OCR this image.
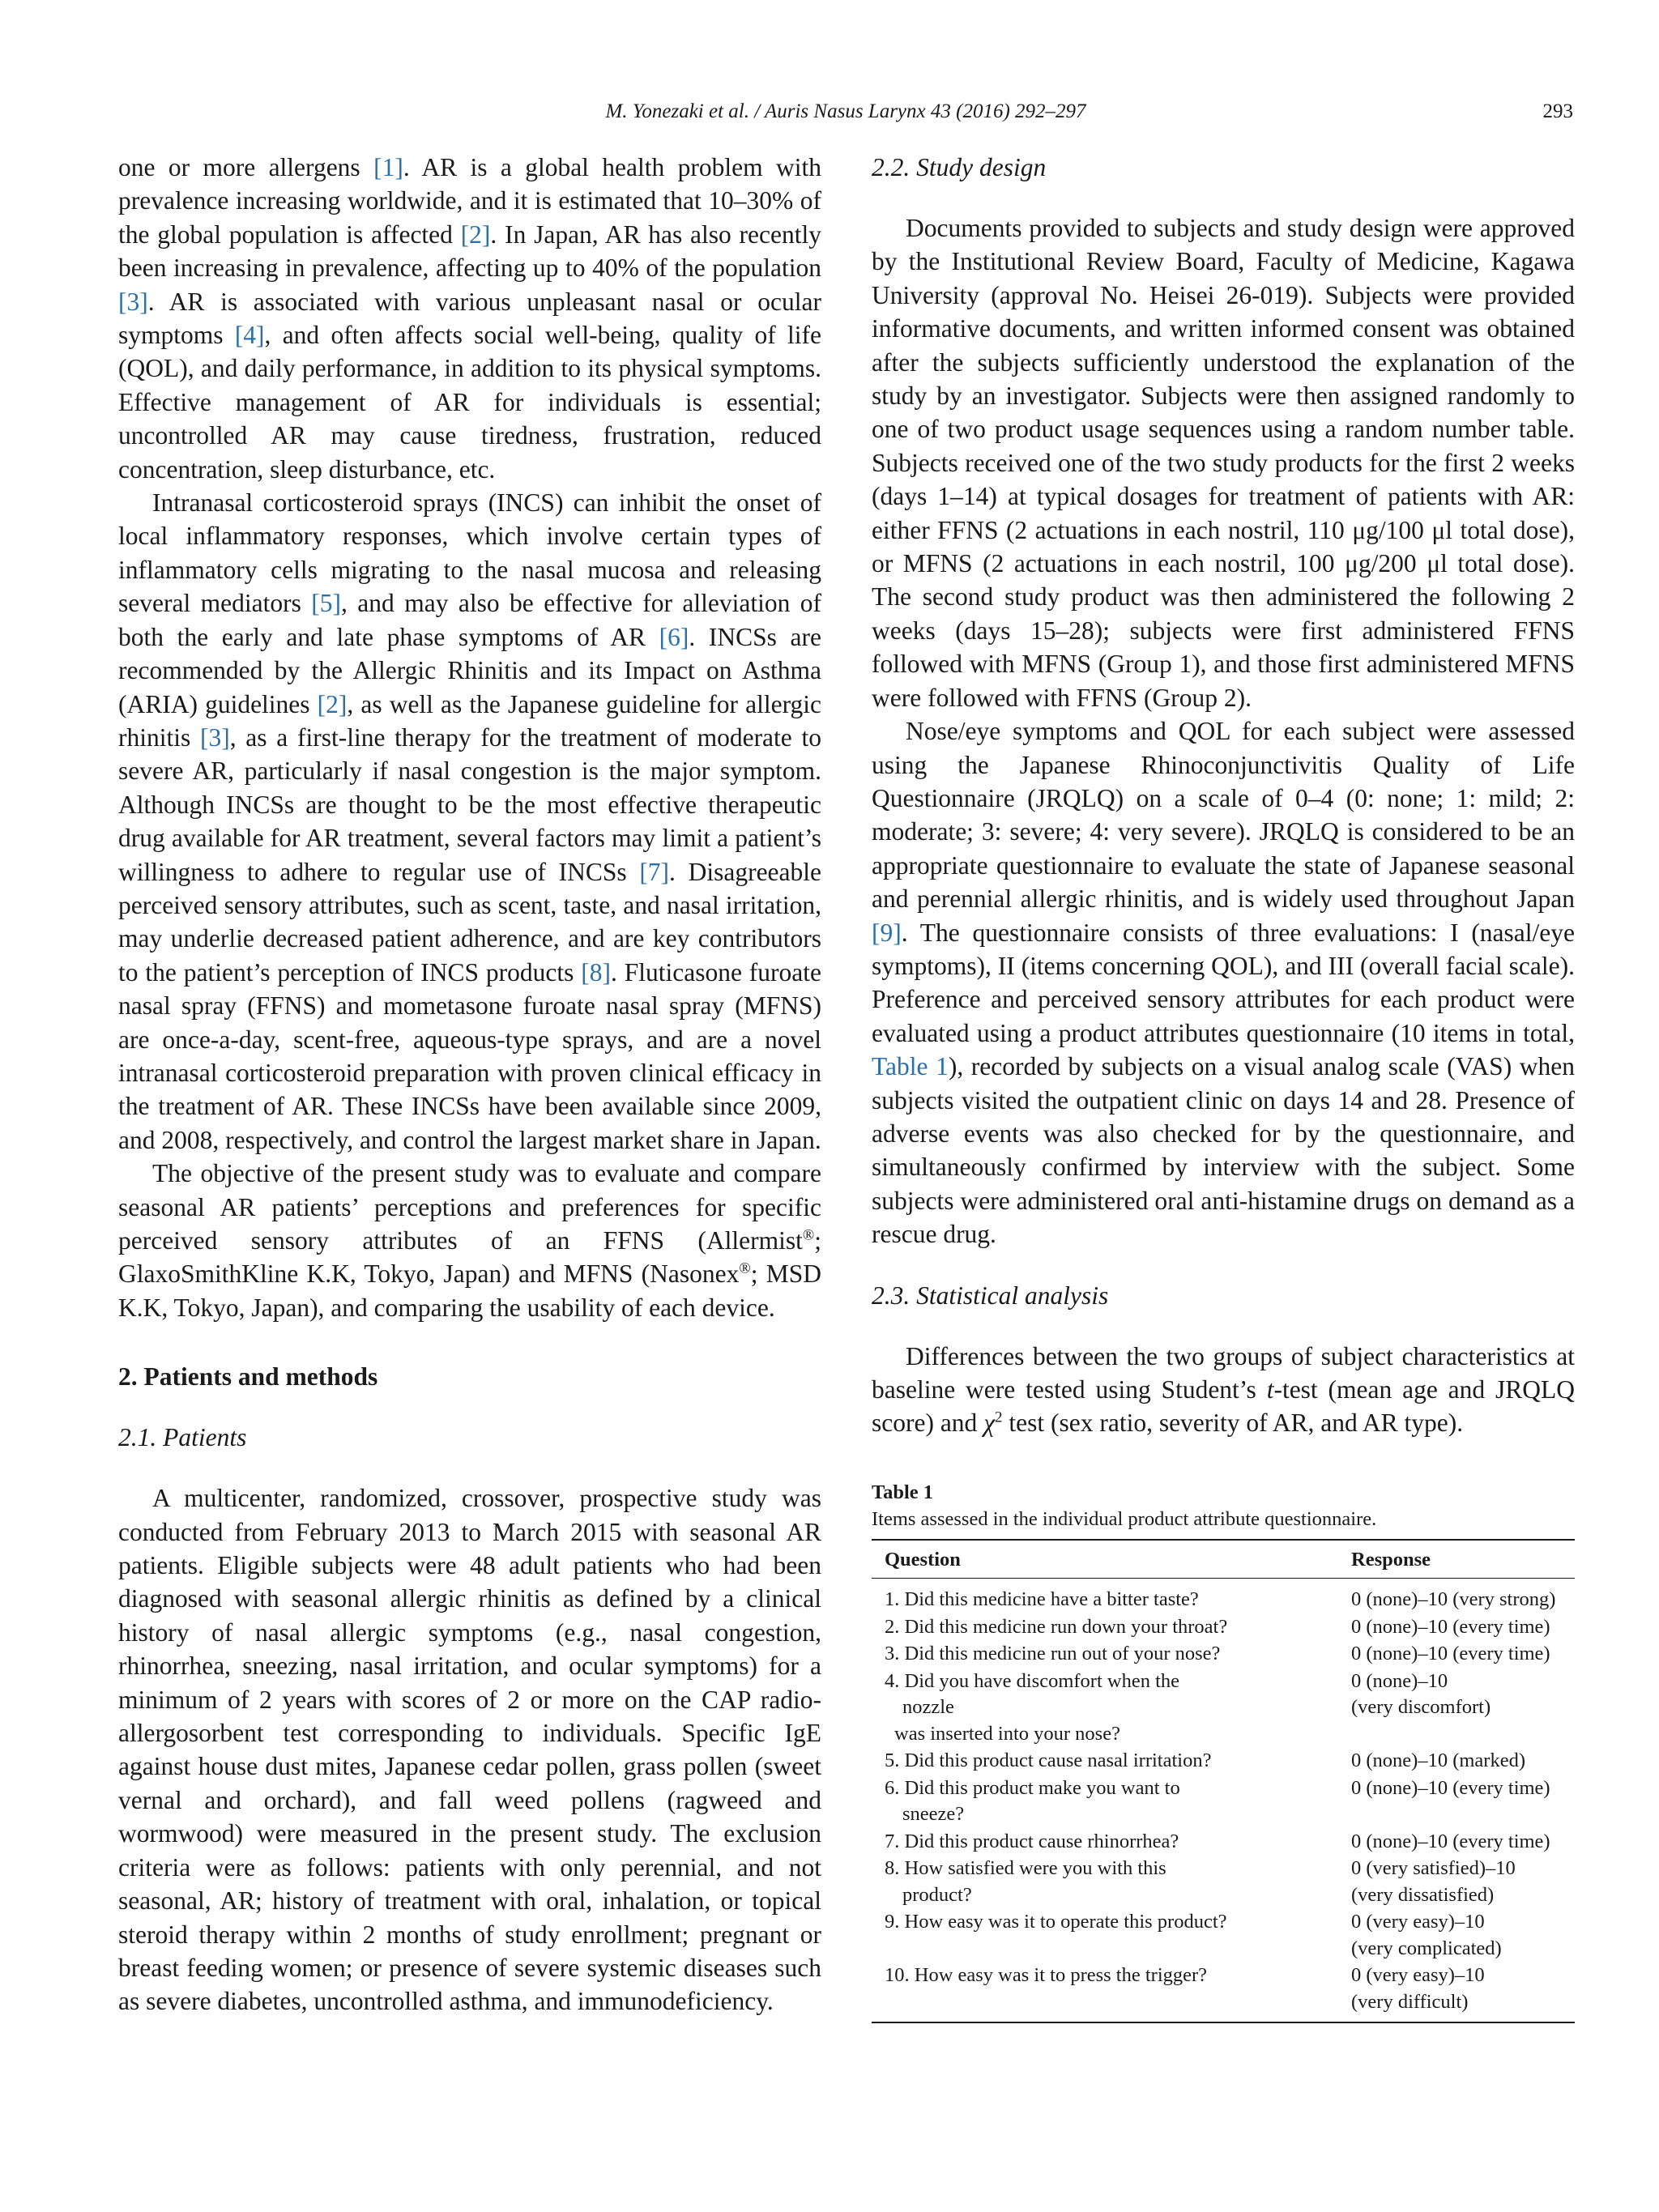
M. Yonezaki et al. / Auris Nasus Larynx 43 (2016) 292–297	293

one or more allergens [1]. AR is a global health problem with prevalence increasing worldwide, and it is estimated that 10–30% of the global population is affected [2]. In Japan, AR has also recently been increasing in prevalence, affecting up to 40% of the population [3]. AR is associated with various unpleasant nasal or ocular symptoms [4], and often affects social well-being, quality of life (QOL), and daily performance, in addition to its physical symptoms. Effective management of AR for individuals is essential; uncontrolled AR may cause tiredness, frustration, reduced concentration, sleep disturbance, etc.

Intranasal corticosteroid sprays (INCS) can inhibit the onset of local inflammatory responses, which involve certain types of inflammatory cells migrating to the nasal mucosa and releasing several mediators [5], and may also be effective for alleviation of both the early and late phase symptoms of AR [6]. INCSs are recommended by the Allergic Rhinitis and its Impact on Asthma (ARIA) guidelines [2], as well as the Japanese guideline for allergic rhinitis [3], as a first-line therapy for the treatment of moderate to severe AR, particularly if nasal congestion is the major symptom. Although INCSs are thought to be the most effective therapeutic drug available for AR treatment, several factors may limit a patient’s willingness to adhere to regular use of INCSs [7]. Disagreeable perceived sensory attributes, such as scent, taste, and nasal irritation, may underlie decreased patient adherence, and are key contributors to the patient’s perception of INCS products [8]. Fluticasone furoate nasal spray (FFNS) and mometasone furoate nasal spray (MFNS) are once-a-day, scent-free, aqueous-type sprays, and are a novel intranasal corticosteroid preparation with proven clinical efficacy in the treatment of AR. These INCSs have been available since 2009, and 2008, respectively, and control the largest market share in Japan.

The objective of the present study was to evaluate and compare seasonal AR patients’ perceptions and preferences for specific perceived sensory attributes of an FFNS (Allermist®; GlaxoSmithKline K.K, Tokyo, Japan) and MFNS (Nasonex®; MSD K.K, Tokyo, Japan), and comparing the usability of each device.

2. Patients and methods
2.1. Patients

A multicenter, randomized, crossover, prospective study was conducted from February 2013 to March 2015 with seasonal AR patients. Eligible subjects were 48 adult patients who had been diagnosed with seasonal allergic rhinitis as defined by a clinical history of nasal allergic symptoms (e.g., nasal congestion, rhinorrhea, sneezing, nasal irritation, and ocular symptoms) for a minimum of 2 years with scores of 2 or more on the CAP radio-allergosorbent test corresponding to individuals. Specific IgE against house dust mites, Japanese cedar pollen, grass pollen (sweet vernal and orchard), and fall weed pollens (ragweed and wormwood) were measured in the present study. The exclusion criteria were as follows: patients with only perennial, and not seasonal, AR; history of treatment with oral, inhalation, or topical steroid therapy within 2 months of study enrollment; pregnant or breast feeding women; or presence of severe systemic diseases such as severe diabetes, uncontrolled asthma, and immunodeficiency.

2.2. Study design

Documents provided to subjects and study design were approved by the Institutional Review Board, Faculty of Medicine, Kagawa University (approval No. Heisei 26-019). Subjects were provided informative documents, and written informed consent was obtained after the subjects sufficiently understood the explanation of the study by an investigator. Subjects were then assigned randomly to one of two product usage sequences using a random number table. Subjects received one of the two study products for the first 2 weeks (days 1–14) at typical dosages for treatment of patients with AR: either FFNS (2 actuations in each nostril, 110 μg/100 μl total dose), or MFNS (2 actuations in each nostril, 100 μg/200 μl total dose). The second study product was then administered the following 2 weeks (days 15–28); subjects were first administered FFNS followed with MFNS (Group 1), and those first administered MFNS were followed with FFNS (Group 2).

Nose/eye symptoms and QOL for each subject were assessed using the Japanese Rhinoconjunctivitis Quality of Life Questionnaire (JRQLQ) on a scale of 0–4 (0: none; 1: mild; 2: moderate; 3: severe; 4: very severe). JRQLQ is considered to be an appropriate questionnaire to evaluate the state of Japanese seasonal and perennial allergic rhinitis, and is widely used throughout Japan [9]. The questionnaire consists of three evaluations: I (nasal/eye symptoms), II (items concerning QOL), and III (overall facial scale). Preference and perceived sensory attributes for each product were evaluated using a product attributes questionnaire (10 items in total, Table 1), recorded by subjects on a visual analog scale (VAS) when subjects visited the outpatient clinic on days 14 and 28. Presence of adverse events was also checked for by the questionnaire, and simultaneously confirmed by interview with the subject. Some subjects were administered oral anti-histamine drugs on demand as a rescue drug.

2.3. Statistical analysis

Differences between the two groups of subject characteristics at baseline were tested using Student’s t-test (mean age and JRQLQ score) and $\chi^2$ test (sex ratio, severity of AR, and AR type).

Table 1
Items assessed in the individual product attribute questionnaire.
Question	Response

1. Did this medicine have a bitter taste?	0 (none)–10 (very strong)

2. Did this medicine run down your throat?	0 (none)–10 (every time)

3. Did this medicine run out of your nose?	0 (none)–10 (every time)

4. Did you have discomfort when the
nozzle
was inserted into your nose?	0 (none)–10
(very discomfort)

5. Did this product cause nasal irritation?	0 (none)–10 (marked)

6. Did this product make you want to
sneeze?	0 (none)–10 (every time)

7. Did this product cause rhinorrhea?	0 (none)–10 (every time)

8. How satisfied were you with this
product?	0 (very satisfied)–10
(very dissatisfied)

9. How easy was it to operate this product?	0 (very easy)–10
(very complicated)

10. How easy was it to press the trigger?	0 (very easy)–10
(very difficult)
